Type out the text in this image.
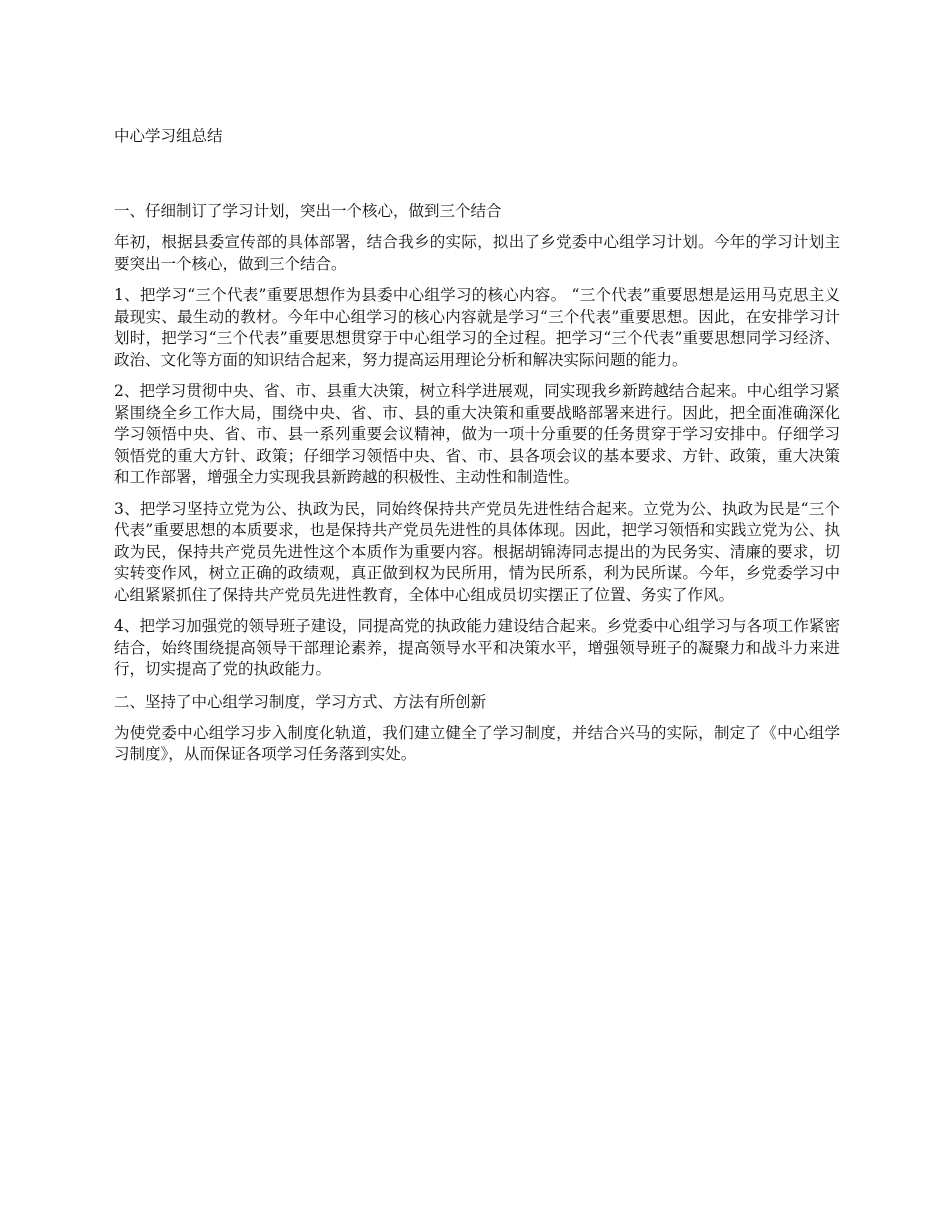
中心学习组总结
一、仔细制订了学习计划，突出一个核心，做到三个结合

年初，根据县委宣传部的具体部署，结合我乡的实际，拟出了乡党委中心组学习计划。今年的学习计划主要突出一个核心，做到三个结合。

1、把学习“三个代表”重要思想作为县委中心组学习的核心内容。 “三个代表”重要思想是运用马克思主义最现实、最生动的教材。今年中心组学习的核心内容就是学习“三个代表”重要思想。因此，在安排学习计划时，把学习“三个代表”重要思想贯穿于中心组学习的全过程。把学习“三个代表”重要思想同学习经济、政治、文化等方面的知识结合起来，努力提高运用理论分析和解决实际问题的能力。

2、把学习贯彻中央、省、市、县重大决策，树立科学进展观，同实现我乡新跨越结合起来。中心组学习紧紧围绕全乡工作大局，围绕中央、省、市、县的重大决策和重要战略部署来进行。因此，把全面准确深化学习领悟中央、省、市、县一系列重要会议精神，做为一项十分重要的任务贯穿于学习安排中。仔细学习领悟党的重大方针、政策；仔细学习领悟中央、省、市、县各项会议的基本要求、方针、政策，重大决策和工作部署，增强全力实现我县新跨越的积极性、主动性和制造性。

3、把学习坚持立党为公、执政为民，同始终保持共产党员先进性结合起来。立党为公、执政为民是“三个代表”重要思想的本质要求，也是保持共产党员先进性的具体体现。因此，把学习领悟和实践立党为公、执政为民，保持共产党员先进性这个本质作为重要内容。根据胡锦涛同志提出的为民务实、清廉的要求，切实转变作风，树立正确的政绩观，真正做到权为民所用，情为民所系，利为民所谋。今年，乡党委学习中心组紧紧抓住了保持共产党员先进性教育，全体中心组成员切实摆正了位置、务实了作风。

4、把学习加强党的领导班子建设，同提高党的执政能力建设结合起来。乡党委中心组学习与各项工作紧密结合，始终围绕提高领导干部理论素养，提高领导水平和决策水平，增强领导班子的凝聚力和战斗力来进行，切实提高了党的执政能力。

二、坚持了中心组学习制度，学习方式、方法有所创新

为使党委中心组学习步入制度化轨道，我们建立健全了学习制度，并结合兴马的实际，制定了《中心组学习制度》，从而保证各项学习任务落到实处。
